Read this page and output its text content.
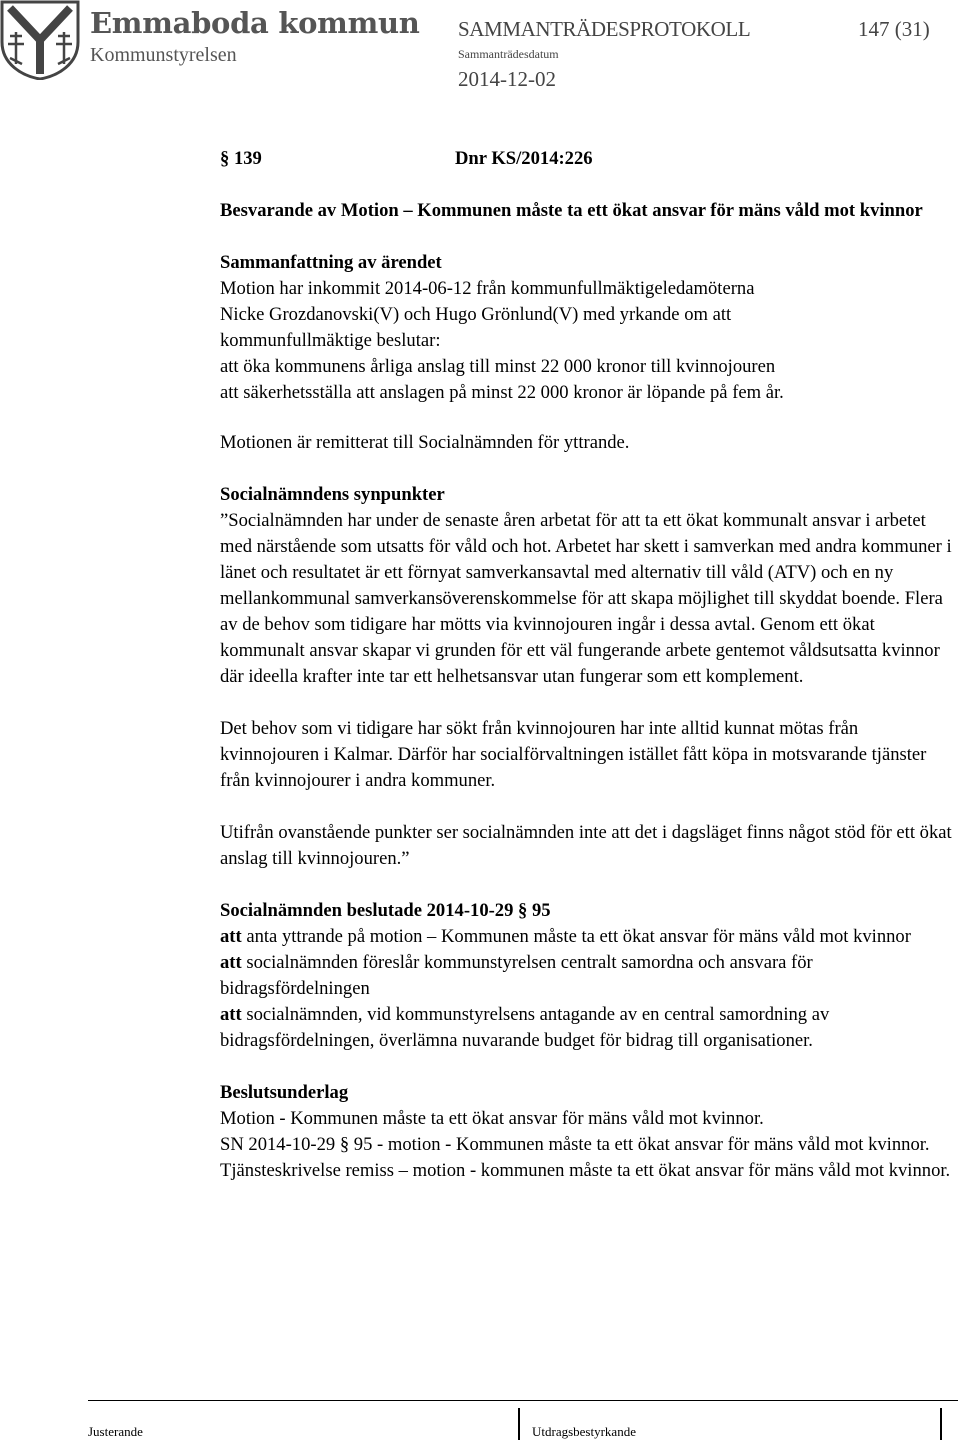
Emmaboda kommun
Kommunstyrelsen
SAMMANTRÄDESPROTOKOLL	147 (31)
Sammanträdesdatum
2014-12-02
§ 139	Dnr KS/2014:226

Besvarande av Motion – Kommunen måste ta ett ökat ansvar för mäns våld mot kvinnor

Sammanfattning av ärendet

Motion har inkommit 2014-06-12 från kommunfullmäktigeledamöterna

Nicke Grozdanovski(V) och Hugo Grönlund(V) med yrkande om att

kommunfullmäktige beslutar:

att öka kommunens årliga anslag till minst 22 000 kronor till kvinnojouren

att säkerhetsställa att anslagen på minst 22 000 kronor är löpande på fem år.

Motionen är remitterat till Socialnämnden för yttrande.

Socialnämndens synpunkter

”Socialnämnden har under de senaste åren arbetat för att ta ett ökat kommunalt ansvar i arbetet med närstående som utsatts för våld och hot. Arbetet har skett i samverkan med andra kommuner i länet och resultatet är ett förnyat samverkansavtal med alternativ till våld (ATV) och en ny mellankommunal samverkansöverenskommelse för att skapa möjlighet till skyddat boende. Flera av de behov som tidigare har mötts via kvinnojouren ingår i dessa avtal. Genom ett ökat kommunalt ansvar skapar vi grunden för ett väl fungerande arbete gentemot våldsutsatta kvinnor där ideella krafter inte tar ett helhetsansvar utan fungerar som ett komplement.

Det behov som vi tidigare har sökt från kvinnojouren har inte alltid kunnat mötas från kvinnojouren i Kalmar. Därför har socialförvaltningen istället fått köpa in motsvarande tjänster från kvinnojourer i andra kommuner.

Utifrån ovanstående punkter ser socialnämnden inte att det i dagsläget finns något stöd för ett ökat anslag till kvinnojouren.”

Socialnämnden beslutade 2014-10-29 § 95

att anta yttrande på motion – Kommunen måste ta ett ökat ansvar för mäns våld mot kvinnor

att socialnämnden föreslår kommunstyrelsen centralt samordna och ansvara för bidragsfördelningen

att socialnämnden, vid kommunstyrelsens antagande av en central samordning av bidragsfördelningen, överlämna nuvarande budget för bidrag till organisationer.

Beslutsunderlag

Motion - Kommunen måste ta ett ökat ansvar för mäns våld mot kvinnor.

SN 2014-10-29 § 95 - motion - Kommunen måste ta ett ökat ansvar för mäns våld mot kvinnor.

Tjänsteskrivelse remiss – motion - kommunen måste ta ett ökat ansvar för mäns våld mot kvinnor.

Justerande	Utdragsbestyrkande
